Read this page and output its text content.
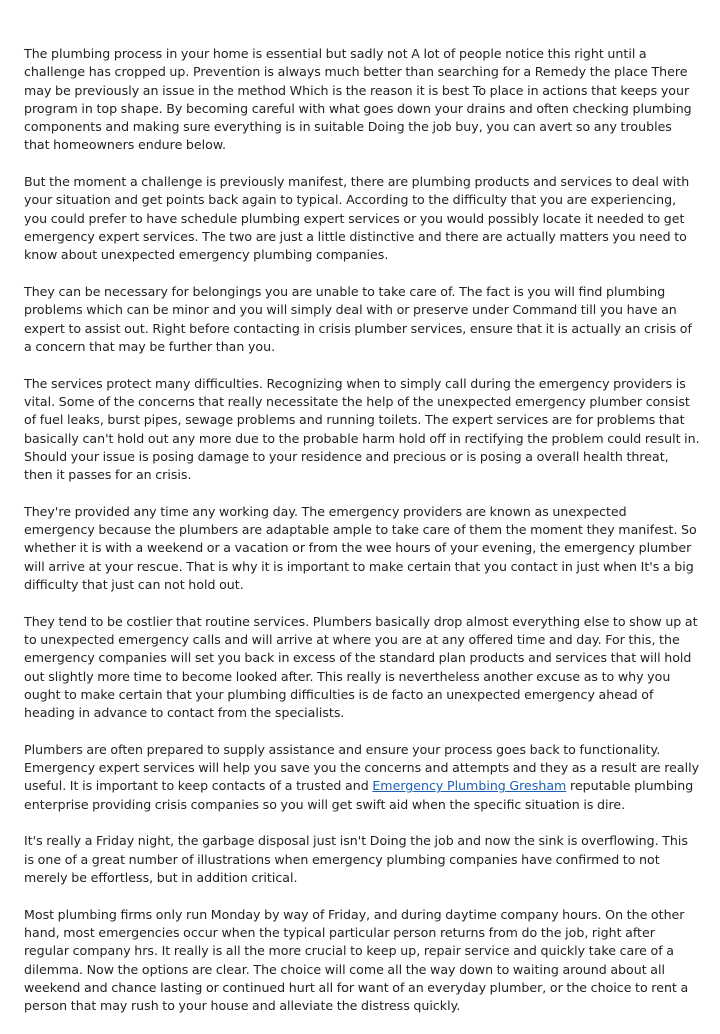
The plumbing process in your home is essential but sadly not A lot of people notice this right until a challenge has cropped up. Prevention is always much better than searching for a Remedy the place There may be previously an issue in the method Which is the reason it is best To place in actions that keeps your program in top shape. By becoming careful with what goes down your drains and often checking plumbing components and making sure everything is in suitable Doing the job buy, you can avert so any troubles that homeowners endure below.

But the moment a challenge is previously manifest, there are plumbing products and services to deal with your situation and get points back again to typical. According to the difficulty that you are experiencing, you could prefer to have schedule plumbing expert services or you would possibly locate it needed to get emergency expert services. The two are just a little distinctive and there are actually matters you need to know about unexpected emergency plumbing companies.

They can be necessary for belongings you are unable to take care of. The fact is you will find plumbing problems which can be minor and you will simply deal with or preserve under Command till you have an expert to assist out. Right before contacting in crisis plumber services, ensure that it is actually an crisis of a concern that may be further than you.

The services protect many difficulties. Recognizing when to simply call during the emergency providers is vital. Some of the concerns that really necessitate the help of the unexpected emergency plumber consist of fuel leaks, burst pipes, sewage problems and running toilets. The expert services are for problems that basically can't hold out any more due to the probable harm hold off in rectifying the problem could result in. Should your issue is posing damage to your residence and precious or is posing a overall health threat, then it passes for an crisis.

They're provided any time any working day. The emergency providers are known as unexpected emergency because the plumbers are adaptable ample to take care of them the moment they manifest. So whether it is with a weekend or a vacation or from the wee hours of your evening, the emergency plumber will arrive at your rescue. That is why it is important to make certain that you contact in just when It's a big difficulty that just can not hold out.

They tend to be costlier that routine services. Plumbers basically drop almost everything else to show up at to unexpected emergency calls and will arrive at where you are at any offered time and day. For this, the emergency companies will set you back in excess of the standard plan products and services that will hold out slightly more time to become looked after. This really is nevertheless another excuse as to why you ought to make certain that your plumbing difficulties is de facto an unexpected emergency ahead of heading in advance to contact from the specialists.

Plumbers are often prepared to supply assistance and ensure your process goes back to functionality. Emergency expert services will help you save you the concerns and attempts and they as a result are really useful. It is important to keep contacts of a trusted and Emergency Plumbing Gresham reputable plumbing enterprise providing crisis companies so you will get swift aid when the specific situation is dire.

It's really a Friday night, the garbage disposal just isn't Doing the job and now the sink is overflowing. This is one of a great number of illustrations when emergency plumbing companies have confirmed to not merely be effortless, but in addition critical.

Most plumbing firms only run Monday by way of Friday, and during daytime company hours. On the other hand, most emergencies occur when the typical particular person returns from do the job, right after regular company hrs. It really is all the more crucial to keep up, repair service and quickly take care of a dilemma. Now the options are clear. The choice will come all the way down to waiting around about all weekend and chance lasting or continued hurt all for want of an everyday plumber, or the choice to rent a person that may rush to your house and alleviate the distress quickly.
